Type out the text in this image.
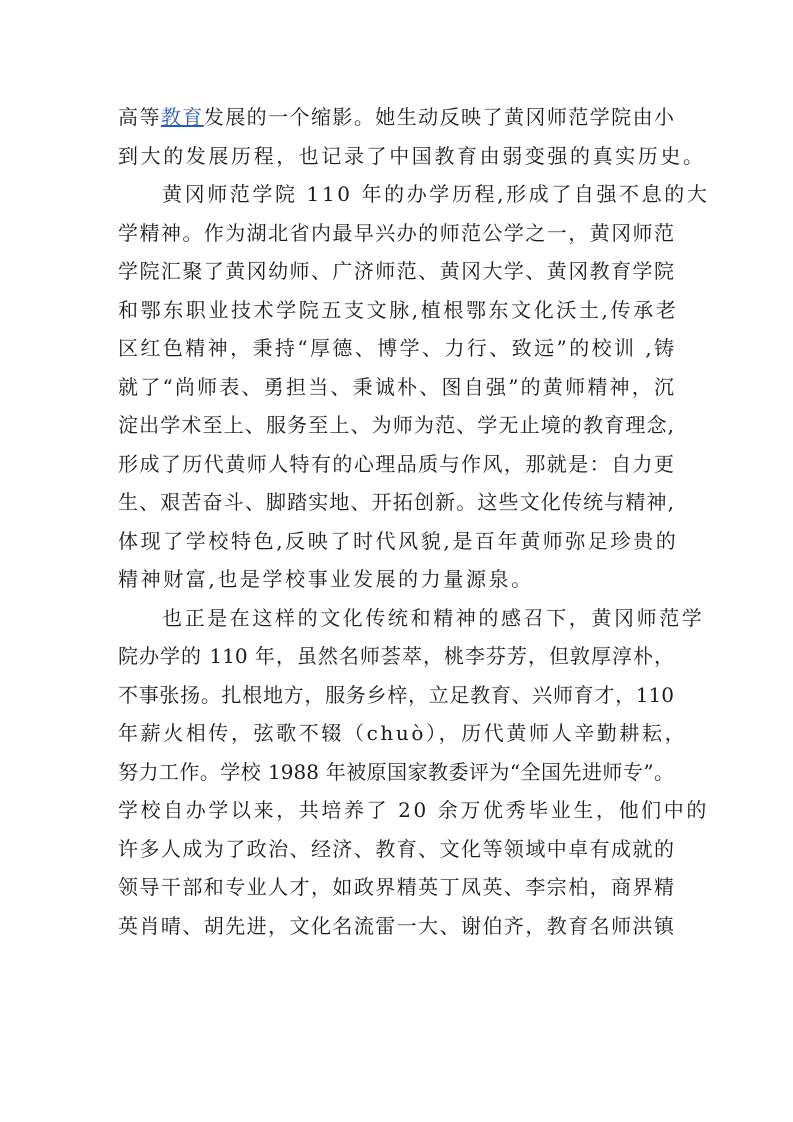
高等教育发展的一个缩影。她生动反映了黄冈师范学院由小
到大的发展历程，也记录了中国教育由弱变强的真实历史。
黄冈师范学院 110 年的办学历程,形成了自强不息的大
学精神。作为湖北省内最早兴办的师范公学之一，黄冈师范
学院汇聚了黄冈幼师、广济师范、黄冈大学、黄冈教育学院
和鄂东职业技术学院五支文脉,植根鄂东文化沃土,传承老
区红色精神，秉持“厚德、博学、力行、致远”的校训 ,铸
就了“尚师表、勇担当、秉诚朴、图自强”的黄师精神，沉
淀出学术至上、服务至上、为师为范、学无止境的教育理念,
形成了历代黄师人特有的心理品质与作风，那就是：自力更
生、艰苦奋斗、脚踏实地、开拓创新。这些文化传统与精神,
体现了学校特色,反映了时代风貌,是百年黄师弥足珍贵的
精神财富,也是学校事业发展的力量源泉。
也正是在这样的文化传统和精神的感召下，黄冈师范学
院办学的 110 年，虽然名师荟萃，桃李芬芳，但敦厚淳朴，
不事张扬。扎根地方，服务乡梓，立足教育、兴师育才，110
年薪火相传，弦歌不辍（chuò），历代黄师人辛勤耕耘，
努力工作。学校 1988 年被原国家教委评为“全国先进师专”。
学校自办学以来，共培养了 20 余万优秀毕业生，他们中的
许多人成为了政治、经济、教育、文化等领域中卓有成就的
领导干部和专业人才，如政界精英丁凤英、李宗柏，商界精
英肖晴、胡先进，文化名流雷一大、谢伯齐，教育名师洪镇
